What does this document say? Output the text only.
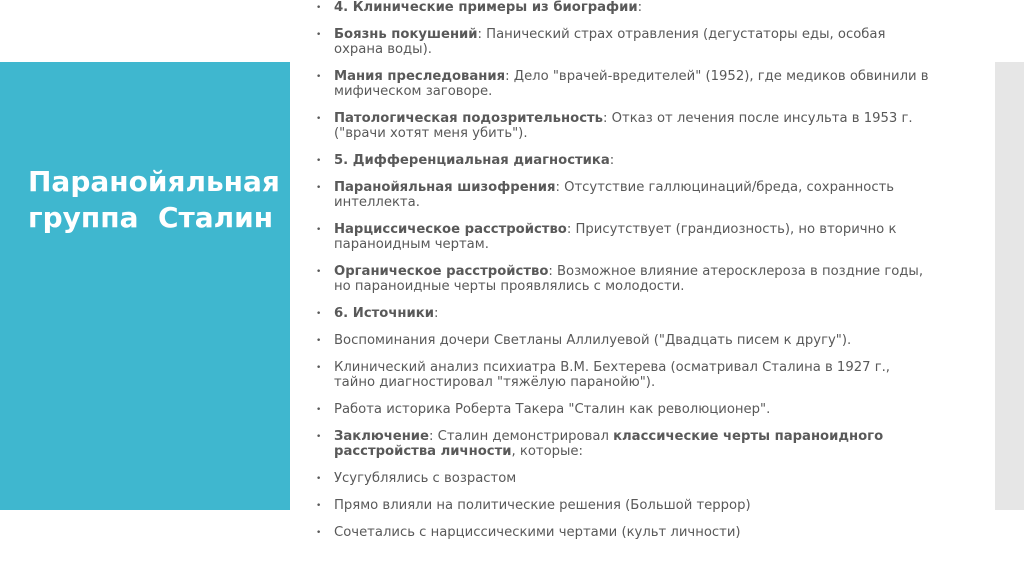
Паранойяльная
группа  Сталин
• 4. Клинические примеры из биографии:
• Боязнь покушений: Панический страх отравления (дегустаторы еды, особая охрана воды).
• Мания преследования: Дело "врачей-вредителей" (1952), где медиков обвинили в мифическом заговоре.
• Патологическая подозрительность: Отказ от лечения после инсульта в 1953 г. ("врачи хотят меня убить").
• 5. Дифференциальная диагностика:
• Паранойяльная шизофрения: Отсутствие галлюцинаций/бреда, сохранность интеллекта.
• Нарциссическое расстройство: Присутствует (грандиозность), но вторично к параноидным чертам.
• Органическое расстройство: Возможное влияние атеросклероза в поздние годы, но параноидные черты проявлялись с молодости.
• 6. Источники:
• Воспоминания дочери Светланы Аллилуевой ("Двадцать писем к другу").
• Клинический анализ психиатра В.М. Бехтерева (осматривал Сталина в 1927 г., тайно диагностировал "тяжёлую паранойю").
• Работа историка Роберта Такера "Сталин как революционер".
• Заключение: Сталин демонстрировал классические черты параноидного расстройства личности, которые:
• Усугублялись с возрастом
• Прямо влияли на политические решения (Большой террор)
• Сочетались с нарциссическими чертами (культ личности)
